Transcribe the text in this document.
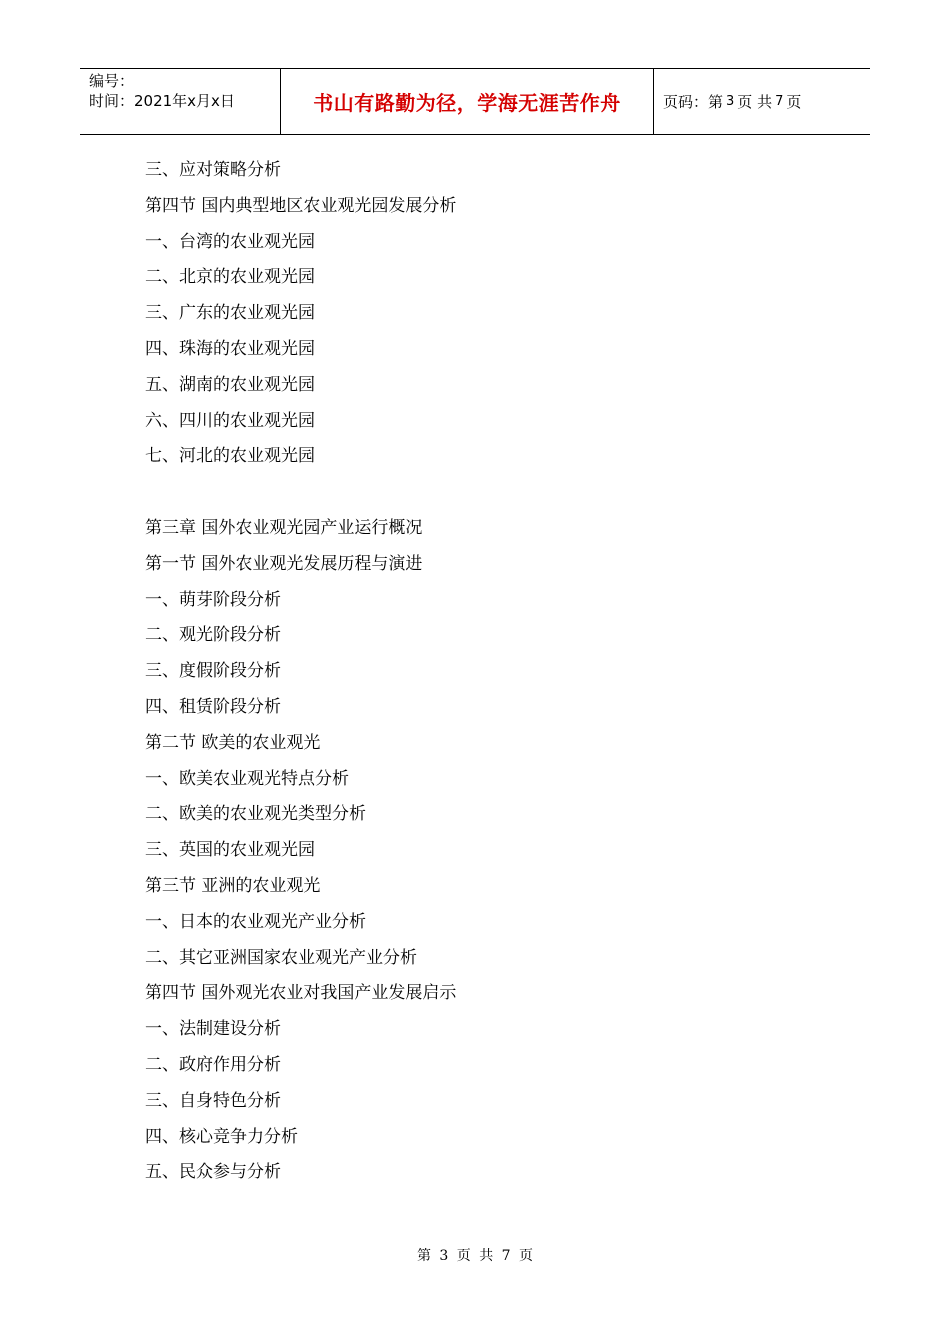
编号：
时间：2021年x月x日	书山有路勤为径，学海无涯苦作舟	页码：第 3 页 共 7 页
三、应对策略分析
第四节 国内典型地区农业观光园发展分析
一、台湾的农业观光园
二、北京的农业观光园
三、广东的农业观光园
四、珠海的农业观光园
五、湖南的农业观光园
六、四川的农业观光园
七、河北的农业观光园
第三章 国外农业观光园产业运行概况
第一节 国外农业观光发展历程与演进
一、萌芽阶段分析
二、观光阶段分析
三、度假阶段分析
四、租赁阶段分析
第二节 欧美的农业观光
一、欧美农业观光特点分析
二、欧美的农业观光类型分析
三、英国的农业观光园
第三节 亚洲的农业观光
一、日本的农业观光产业分析
二、其它亚洲国家农业观光产业分析
第四节 国外观光农业对我国产业发展启示
一、法制建设分析
二、政府作用分析
三、自身特色分析
四、核心竞争力分析
五、民众参与分析
第 3 页 共 7 页
